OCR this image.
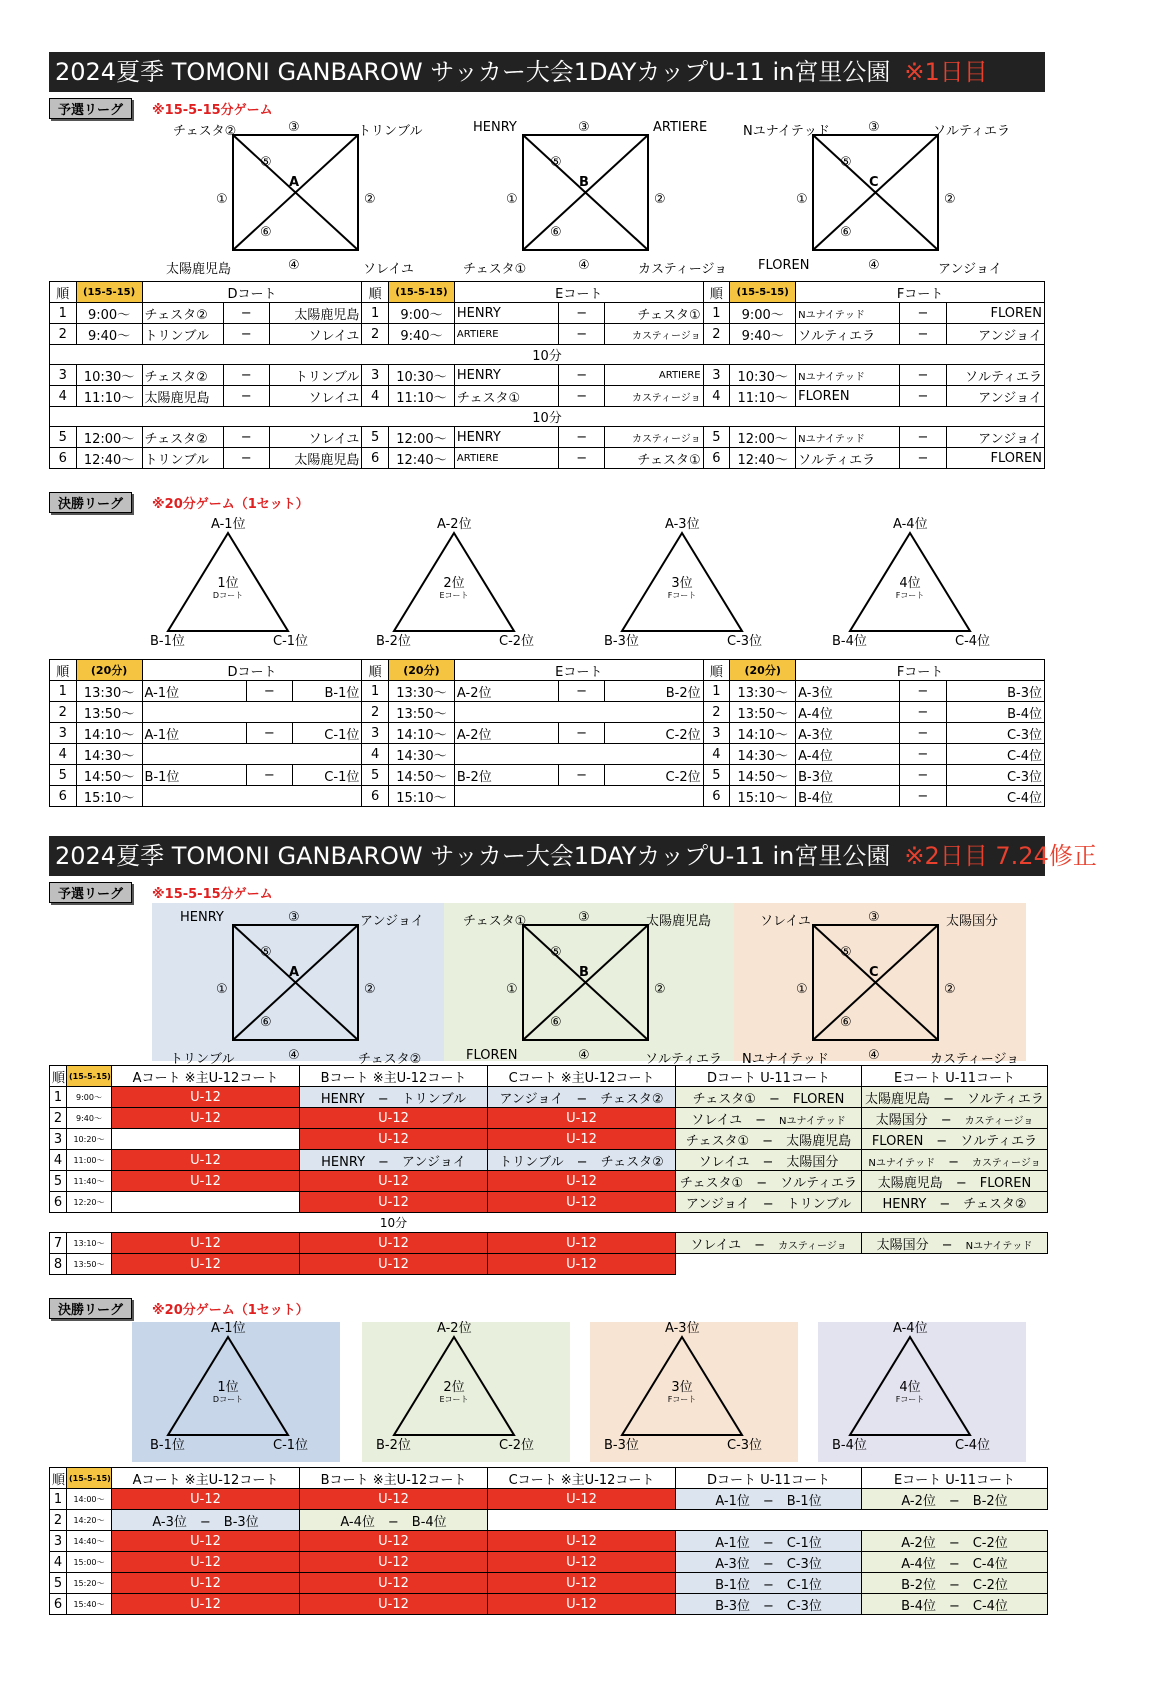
2024夏季 TOMONI GANBAROW サッカー大会1DAYカップU-11 in宮里公園 ※1日目
予選リーグ ※15-5-15分ゲーム
チェスタ②	トリンブル
太陽鹿児島	ソレイユ
③
④
①	②
⑤
⑥
A
HENRY	ARTIERE
チェスタ①	カスティージョ
③
④
①	②
⑤
⑥
B
Nユナイテッド	ソルティエラ
FLOREN	アンジョイ
③
④
①	②
⑤
⑥
C
順	(15-5-15)	Dコート			順	(15-5-15)	Eコート			順	(15-5-15)	Fコート		
1	9:00～	チェスタ②	−	太陽鹿児島	1	9:00～	HENRY	−	チェスタ①	1	9:00～	Nユナイテッド	−	FLOREN
2	9:40～	トリンブル	−	ソレイユ	2	9:40～	ARTIERE	−	カスティージョ	2	9:40～	ソルティエラ	−	アンジョイ
10分														
3	10:30～	チェスタ②	−	トリンブル	3	10:30～	HENRY	−	ARTIERE	3	10:30～	Nユナイテッド	−	ソルティエラ
4	11:10～	太陽鹿児島	−	ソレイユ	4	11:10～	チェスタ①	−	カスティージョ	4	11:10～	FLOREN	−	アンジョイ
10分														
5	12:00～	チェスタ②	−	ソレイユ	5	12:00～	HENRY	−	カスティージョ	5	12:00～	Nユナイテッド	−	アンジョイ
6	12:40～	トリンブル	−	太陽鹿児島	6	12:40～	ARTIERE	−	チェスタ①	6	12:40～	ソルティエラ	−	FLOREN
決勝リーグ ※20分ゲーム（1セット）
A-1位
B-1位	C-1位
1位
Dコート
A-2位
B-2位	C-2位
2位
Eコート
A-3位
B-3位	C-3位
3位
Fコート
A-4位
B-4位	C-4位
4位
Fコート
順	(20分)	Dコート			順	(20分)	Eコート			順	(20分)	Fコート		
1	13:30～	A-1位	−	B-1位	1	13:30～	A-2位	−	B-2位	1	13:30～	A-3位	−	B-3位
2	13:50～				2	13:50～				2	13:50～	A-4位	−	B-4位
3	14:10～	A-1位	−	C-1位	3	14:10～	A-2位	−	C-2位	3	14:10～	A-3位	−	C-3位
4	14:30～				4	14:30～				4	14:30～	A-4位	−	C-4位
5	14:50～	B-1位	−	C-1位	5	14:50～	B-2位	−	C-2位	5	14:50～	B-3位	−	C-3位
6	15:10～				6	15:10～				6	15:10～	B-4位	−	C-4位
2024夏季 TOMONI GANBAROW サッカー大会1DAYカップU-11 in宮里公園 ※2日目 7.24修正
予選リーグ ※15-5-15分ゲーム
HENRY	アンジョイ
トリンブル	チェスタ②
③
④
①	②
⑤
⑥
A
チェスタ①	太陽鹿児島
FLOREN	ソルティエラ
③
④
①	②
⑤
⑥
B
ソレイユ	太陽国分
Nユナイテッド	カスティージョ
③
④
①	②
⑤
⑥
C
順	(15-5-15)	Aコート ※主U-12コート	Bコート ※主U-12コート	Cコート ※主U-12コート	Dコート U-11コート	Eコート U-11コート
1	9:00～	U-12	HENRY　−　トリンブル	アンジョイ　−　チェスタ②	チェスタ①　−　FLOREN	太陽鹿児島　−　ソルティエラ
2	9:40～	U-12	U-12	U-12	ソレイユ　−　Nユナイテッド	太陽国分　−　カスティージョ
3	10:20～		U-12	U-12	チェスタ①　−　太陽鹿児島	FLOREN　−　ソルティエラ
4	11:00～	U-12	HENRY　−　アンジョイ	トリンブル　−　チェスタ②	ソレイユ　−　太陽国分	Nユナイテッド　−　カスティージョ
5	11:40～	U-12	U-12	U-12	チェスタ①　−　ソルティエラ	太陽鹿児島　−　FLOREN
6	12:20～		U-12	U-12	アンジョイ　−　トリンブル	HENRY　−　チェスタ②
		10分				
7	13:10～	U-12	U-12	U-12	ソレイユ　−　カスティージョ	太陽国分　−　Nユナイテッド
8	13:50～	U-12	U-12	U-12		
決勝リーグ ※20分ゲーム（1セット）
A-1位
B-1位	C-1位
1位
Dコート
A-2位
B-2位	C-2位
2位
Eコート
A-3位
B-3位	C-3位
3位
Fコート
A-4位
B-4位	C-4位
4位
Fコート
順	(15-5-15)	Aコート ※主U-12コート	Bコート ※主U-12コート	Cコート ※主U-12コート	Dコート U-11コート	Eコート U-11コート
1	14:00～	U-12	U-12	U-12	A-1位　−　B-1位	A-2位　−　B-2位
2	14:20～	A-3位　−　B-3位	A-4位　−　B-4位			
3	14:40～	U-12	U-12	U-12	A-1位　−　C-1位	A-2位　−　C-2位
4	15:00～	U-12	U-12	U-12	A-3位　−　C-3位	A-4位　−　C-4位
5	15:20～	U-12	U-12	U-12	B-1位　−　C-1位	B-2位　−　C-2位
6	15:40～	U-12	U-12	U-12	B-3位　−　C-3位	B-4位　−　C-4位
